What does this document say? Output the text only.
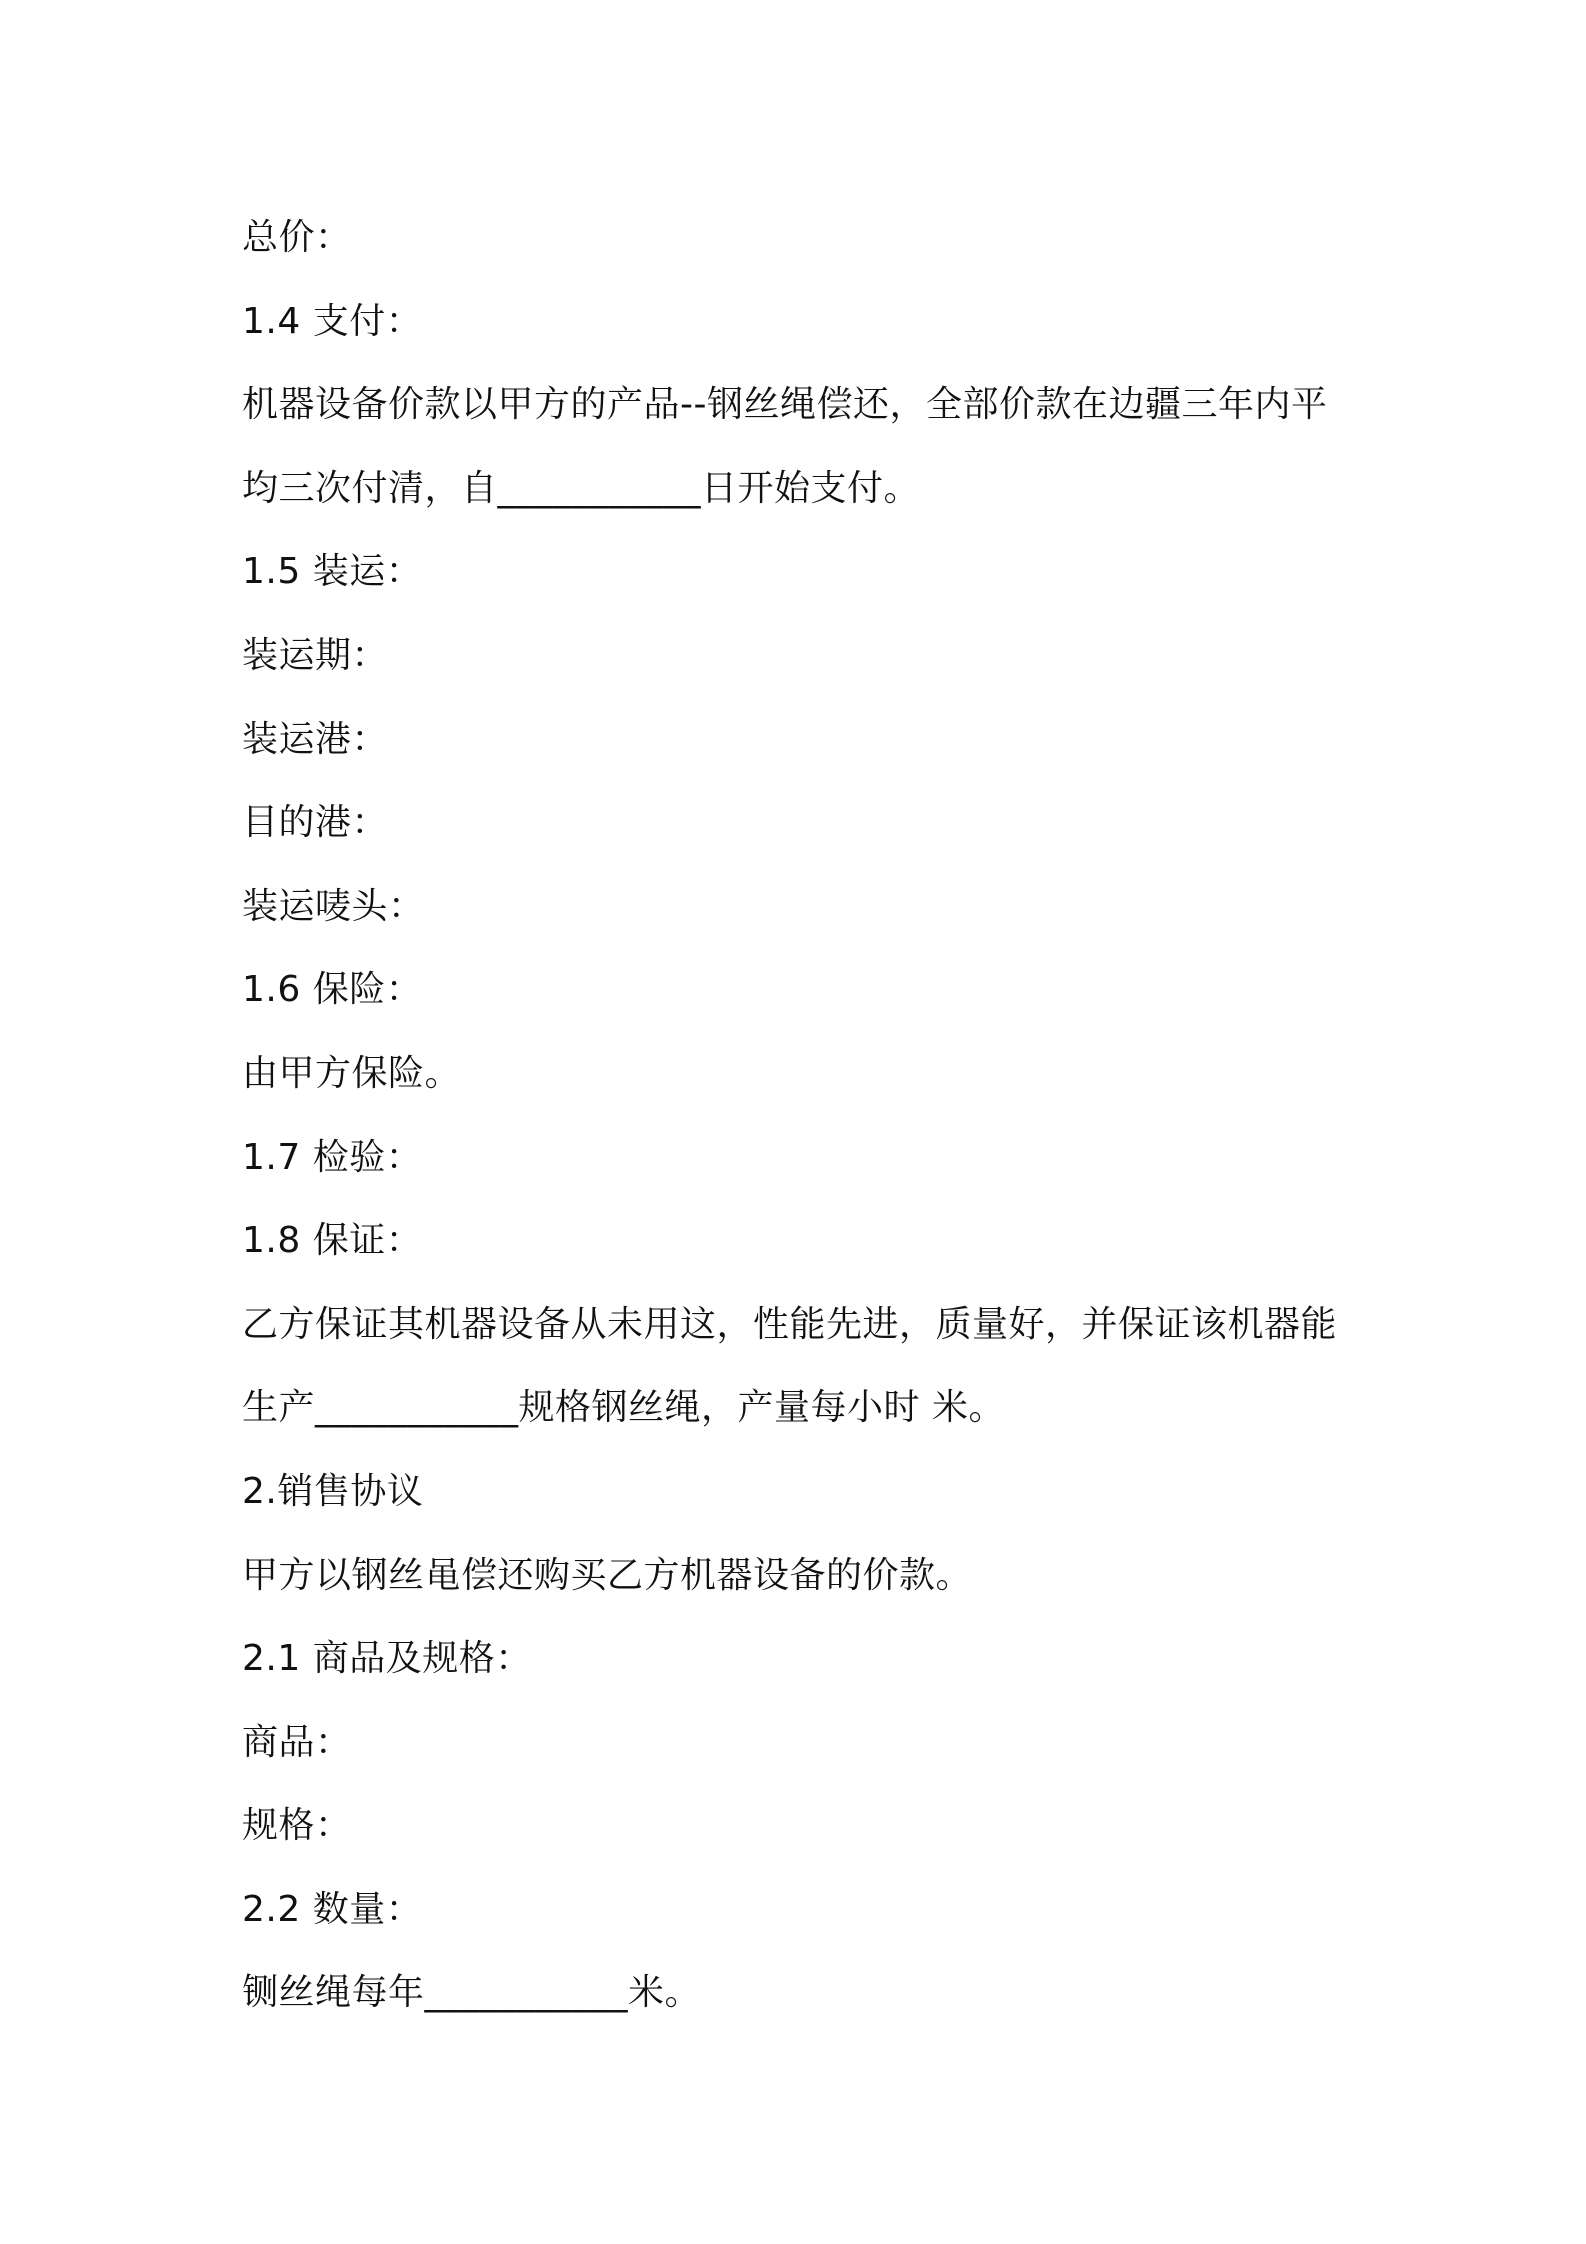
总价：
1.4 支付：
机器设备价款以甲方的产品--钢丝绳偿还，全部价款在边疆三年内平
均三次付清，自___________日开始支付。
1.5 装运：
装运期：
装运港：
目的港：
装运唛头：
1.6 保险：
由甲方保险。
1.7 检验：
1.8 保证：
乙方保证其机器设备从未用这，性能先进，质量好，并保证该机器能
生产___________规格钢丝绳，产量每小时 米。
2.销售协议
甲方以钢丝黾偿还购买乙方机器设备的价款。
2.1 商品及规格：
商品：
规格：
2.2 数量：
铡丝绳每年___________米。
